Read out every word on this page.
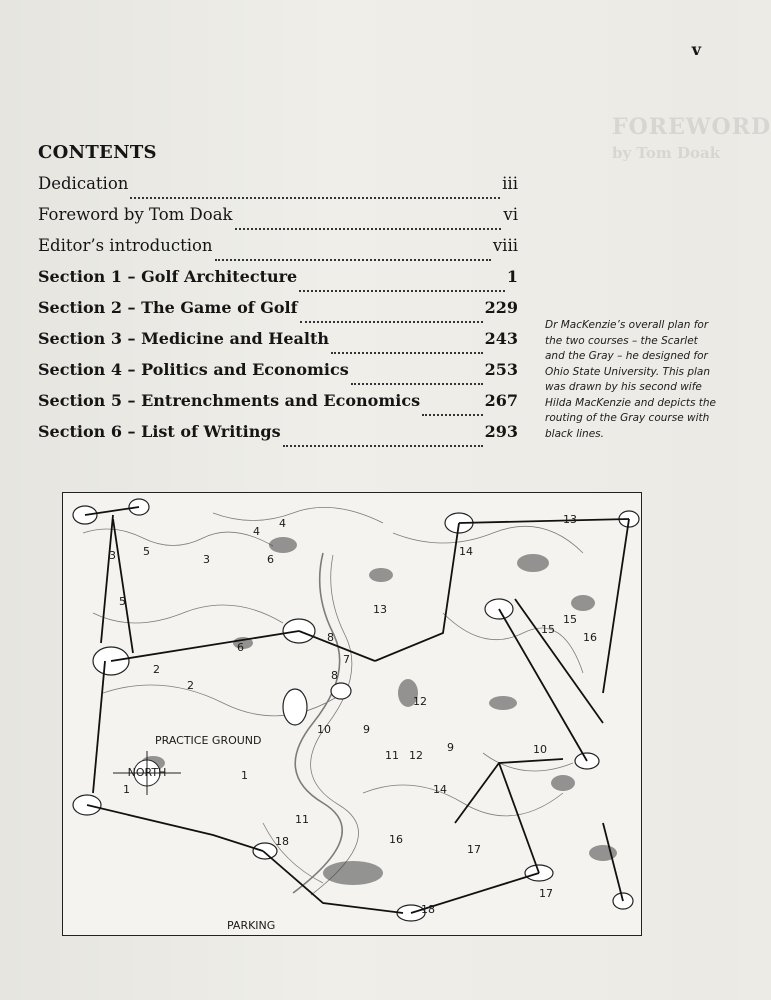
FOREWORD
by Tom Doak
v
CONTENTS
Dedication	iii
Foreword by Tom Doak	vi
Editor’s introduction	viii
Section 1 – Golf Architecture	1
Section 2 – The Game of Golf	229
Section 3 – Medicine and Health	243
Section 4 – Politics and Economics	253
Section 5 – Entrenchments and Economics	267
Section 6 – List of Writings	293
Dr MacKenzie’s overall plan for the two courses – the Scarlet and the Gray – he designed for Ohio State University. This plan was drawn by his second wife Hilda MacKenzie and depicts the routing of the Gray course with black lines.
NORTH
PRACTICE GROUND
PARKING
1
2
3
4
5
6
7
8
9
10
11 12
13
14
15
16
17
18
1
2
3
4
5
6
8
9	10
11
12
13
14
15
16
17
18
